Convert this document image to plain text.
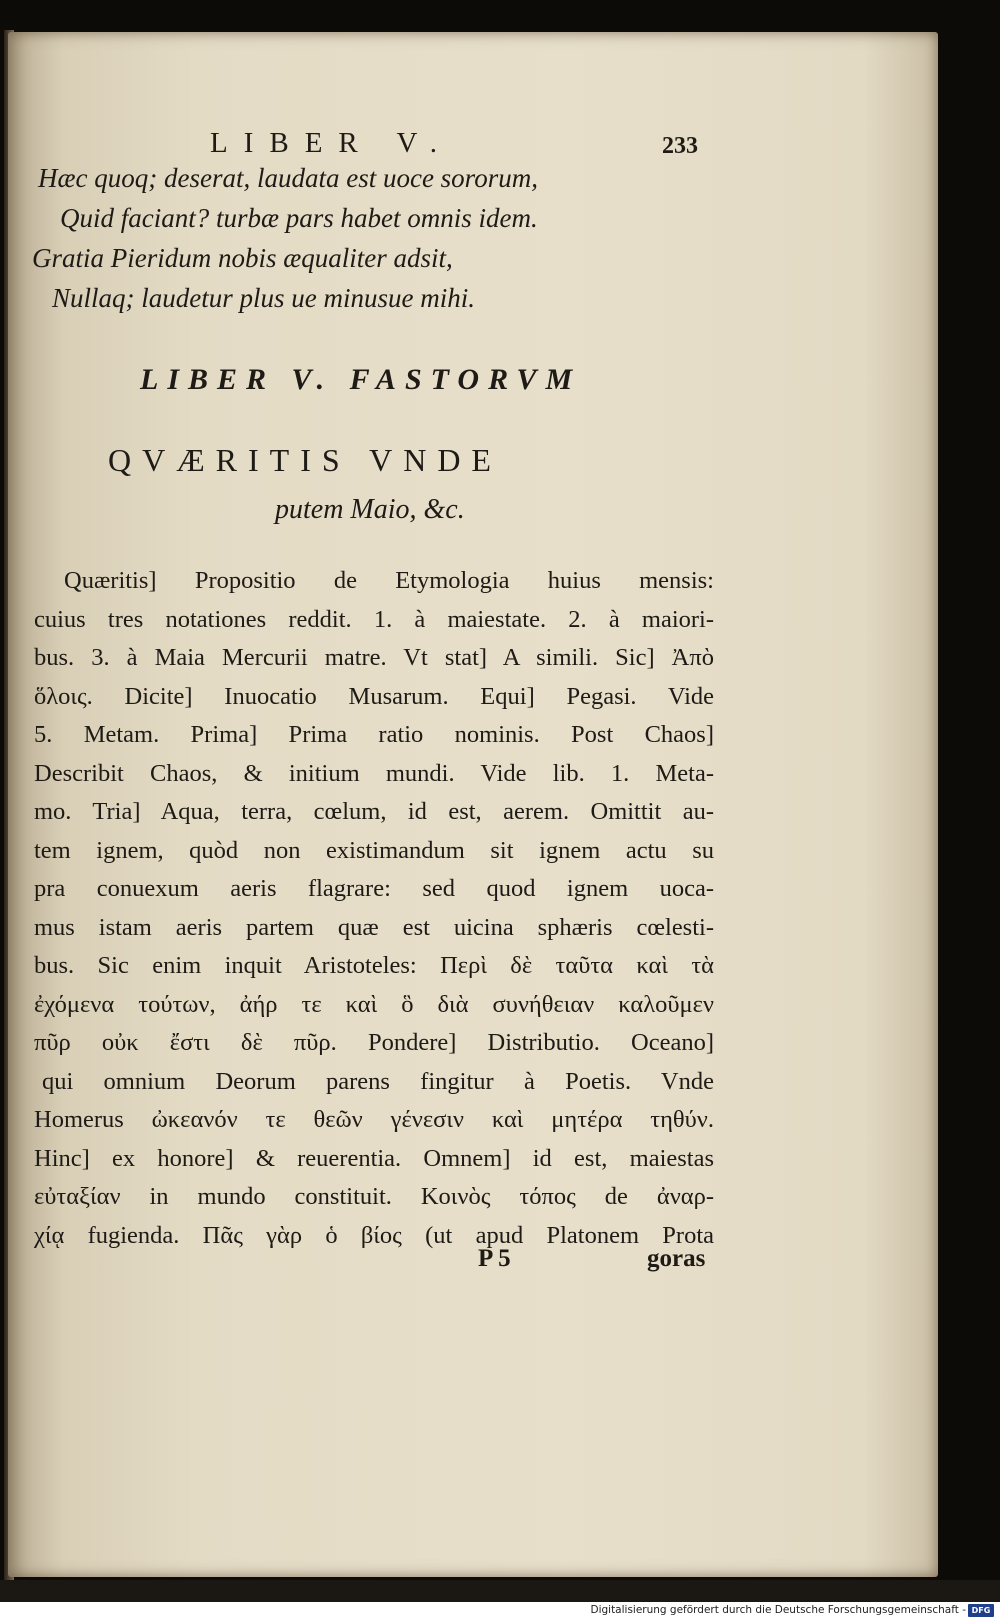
LIBER V.	233
Hæc quoq; deserat, laudata est uoce sororum,
Quid faciant? turbæ pars habet omnis idem.
Gratia Pieridum nobis æqualiter adsit,
Nullaq; laudetur plus ue minusue mihi.
LIBER V. FASTORVM
QVÆRITIS VNDE
putem Maio, &c.
Quæritis] Propositio de Etymologia huius mensis:
cuius tres notationes reddit. 1. à maiestate. 2. à maiori-
bus. 3. à Maia Mercurii matre. Vt stat] A simili. Sic] Ἀπὸ
ὅλοις. Dicite] Inuocatio Musarum. Equi] Pegasi. Vide
5. Metam. Prima] Prima ratio nominis. Post Chaos]
Describit Chaos, & initium mundi. Vide lib. 1. Meta-
mo. Tria] Aqua, terra, cœlum, id est, aerem. Omittit au-
tem ignem, quòd non existimandum sit ignem actu su
pra conuexum aeris flagrare: sed quod ignem uoca-
mus istam aeris partem quæ est uicina sphæris cœlesti-
bus. Sic enim inquit Aristoteles: Περὶ δὲ ταῦτα καὶ τὰ
ἐχόμενα τούτων, ἀήρ τε καὶ ὃ διὰ συνήθειαν καλοῦμεν
πῦρ οὐκ ἔστι δὲ πῦρ. Pondere] Distributio. Oceano]
qui omnium Deorum parens fingitur à Poetis. Vnde
Homerus ὠκεανόν τε θεῶν γένεσιν καὶ μητέρα τηθύν.
Hinc] ex honore] & reuerentia. Omnem] id est, maiestas
εὐταξίαν in mundo constituit. Κοινὸς τόπος de ἀναρ-
χίᾳ fugienda. Πᾶς γὰρ ὁ βίος (ut apud Platonem Prota
P 5	goras
Digitalisierung gefördert durch die Deutsche Forschungsgemeinschaft - DFG
